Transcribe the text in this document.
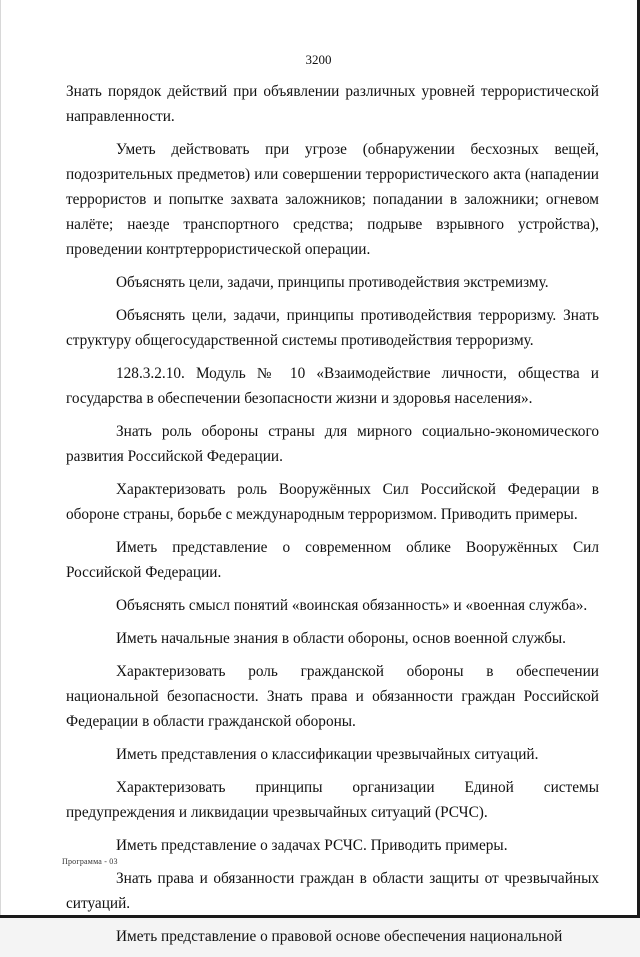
3200

Знать порядок действий при объявлении различных уровней террористической направленности.

Уметь действовать при угрозе (обнаружении бесхозных вещей, подозрительных предметов) или совершении террористического акта (нападении террористов и попытке захвата заложников; попадании в заложники; огневом налёте; наезде транспортного средства; подрыве взрывного устройства), проведении контртеррористической операции.

Объяснять цели, задачи, принципы противодействия экстремизму.

Объяснять цели, задачи, принципы противодействия терроризму. Знать структуру общегосударственной системы противодействия терроризму.

128.3.2.10. Модуль № 10 «Взаимодействие личности, общества и государства в обеспечении безопасности жизни и здоровья населения».

Знать роль обороны страны для мирного социально-экономического развития Российской Федерации.

Характеризовать роль Вооружённых Сил Российской Федерации в обороне страны, борьбе с международным терроризмом. Приводить примеры.

Иметь представление о современном облике Вооружённых Сил Российской Федерации.

Объяснять смысл понятий «воинская обязанность» и «военная служба».

Иметь начальные знания в области обороны, основ военной службы.

Характеризовать роль гражданской обороны в обеспечении национальной безопасности. Знать права и обязанности граждан Российской Федерации в области гражданской обороны.

Иметь представления о классификации чрезвычайных ситуаций.

Характеризовать принципы организации Единой системы предупреждения и ликвидации чрезвычайных ситуаций (РСЧС).

Иметь представление о задачах РСЧС. Приводить примеры.

Знать права и обязанности граждан в области защиты от чрезвычайных ситуаций.

Иметь представление о правовой основе обеспечения национальной

Программа - 03
